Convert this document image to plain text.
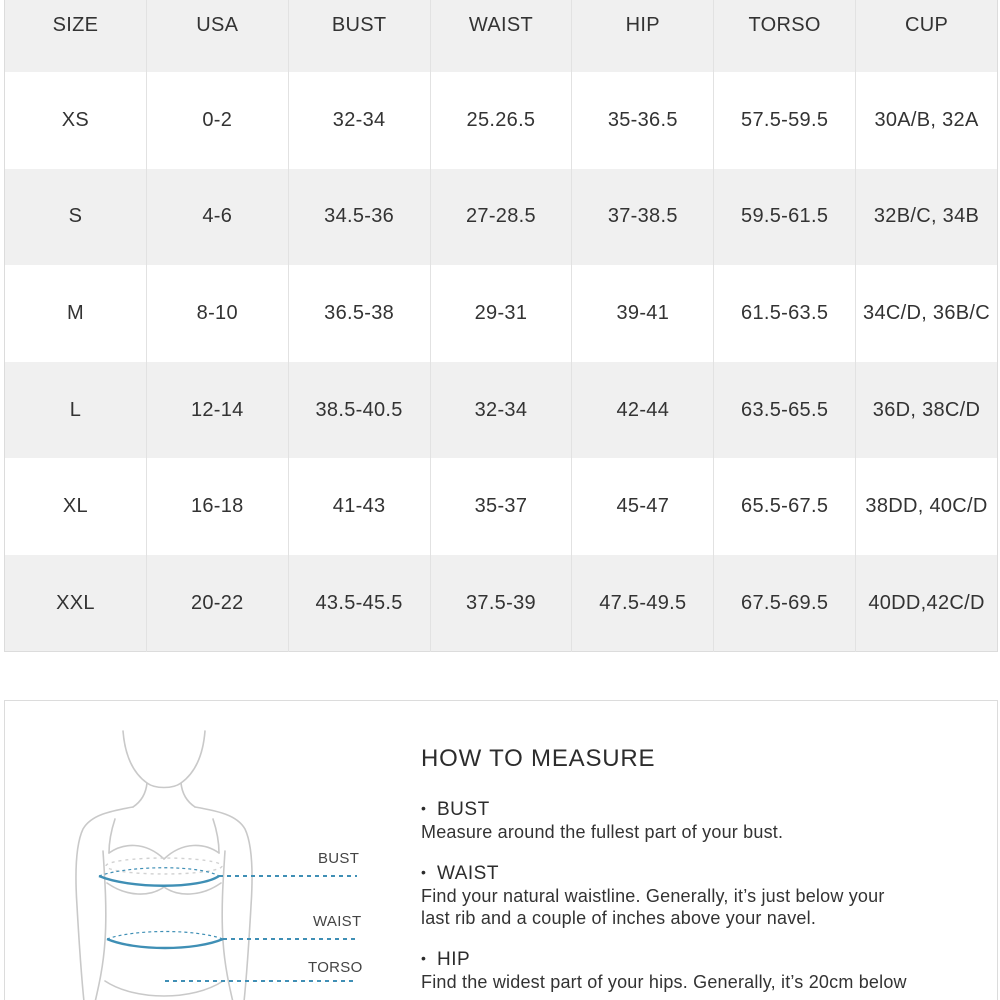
SIZE	USA	BUST	WAIST	HIP	TORSO	CUP
XS	0-2	32-34	25.26.5	35-36.5	57.5-59.5	30A/B, 32A
S	4-6	34.5-36	27-28.5	37-38.5	59.5-61.5	32B/C, 34B
M	8-10	36.5-38	29-31	39-41	61.5-63.5	34C/D, 36B/C
L	12-14	38.5-40.5	32-34	42-44	63.5-65.5	36D, 38C/D
XL	16-18	41-43	35-37	45-47	65.5-67.5	38DD, 40C/D
XXL	20-22	43.5-45.5	37.5-39	47.5-49.5	67.5-69.5	40DD,42C/D
BUST
WAIST
TORSO
HOW TO MEASURE
• BUST
Measure around the fullest part of your bust.
• WAIST
Find your natural waistline. Generally, it’s just below your
last rib and a couple of inches above your navel.
• HIP
Find the widest part of your hips. Generally, it’s 20cm below
